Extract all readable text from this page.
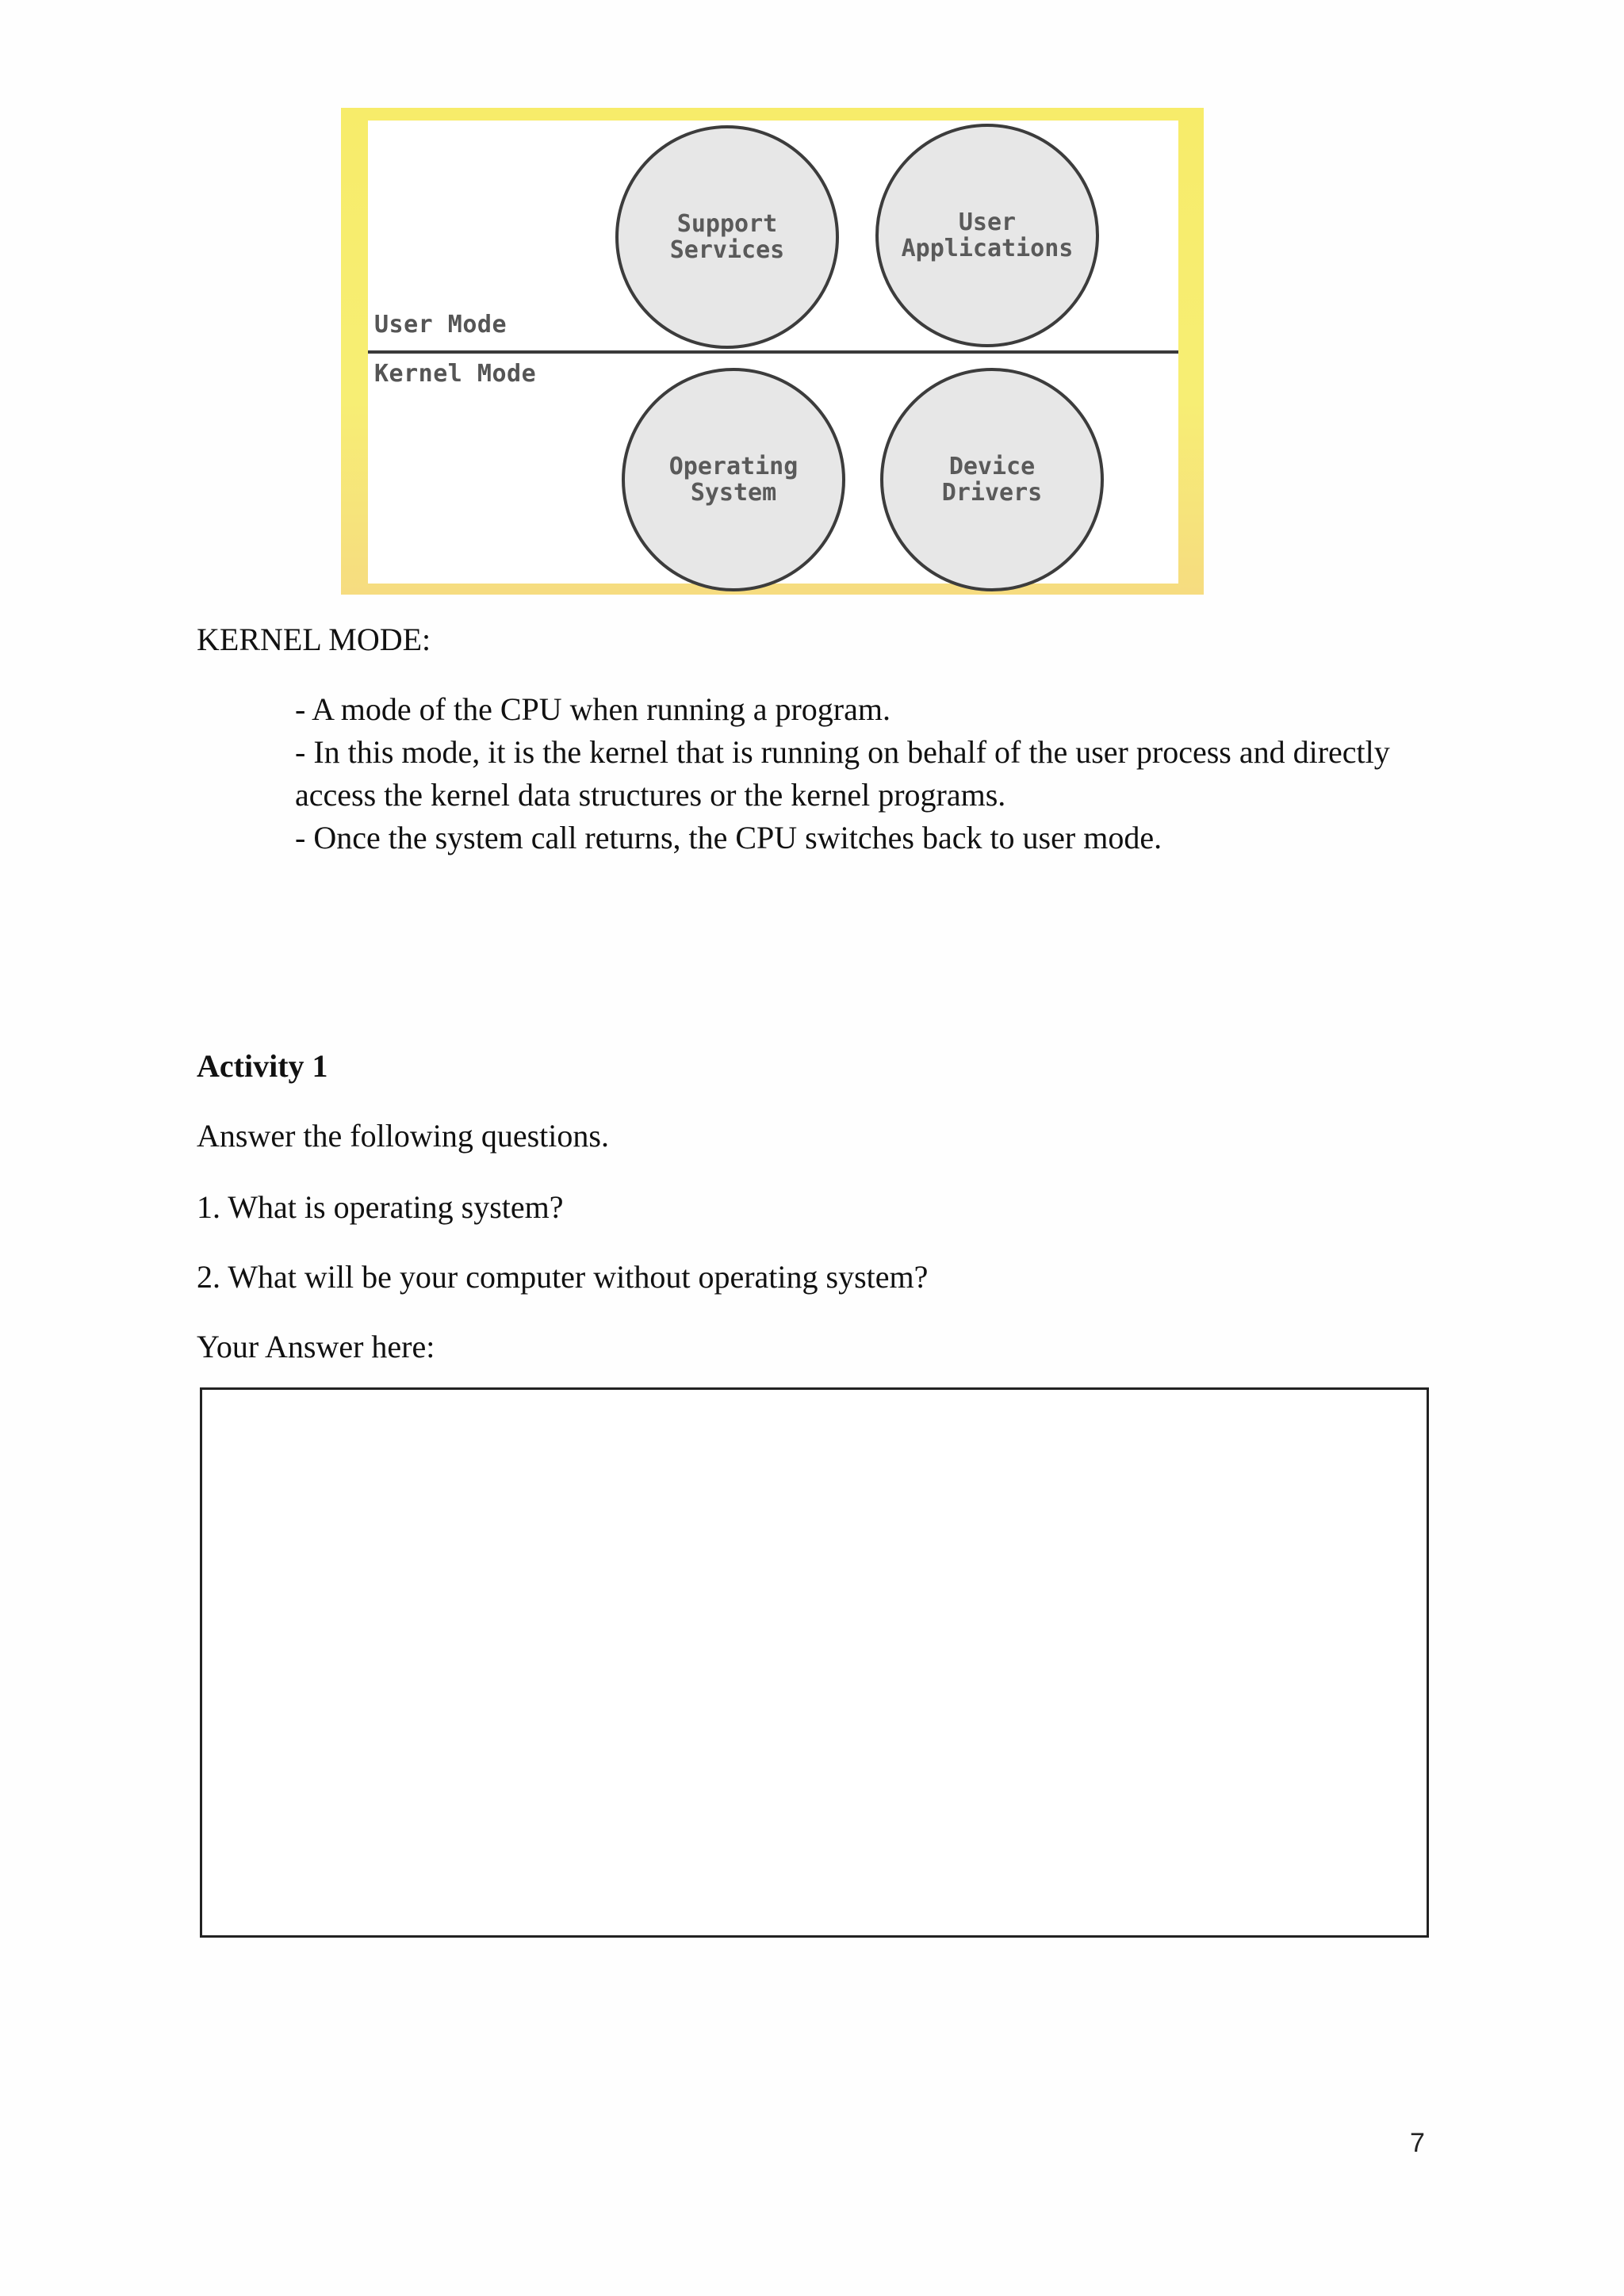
Support
Services
User
Applications
User Mode
Kernel Mode
Operating
System
Device
Drivers
KERNEL MODE:
- A mode of the CPU when running a program.
- In this mode, it is the kernel that is running on behalf of the user process and directly
access the kernel data structures or the kernel programs.
- Once the system call returns, the CPU switches back to user mode.
Activity 1
Answer the following questions.
1. What is operating system?
2. What will be your computer without operating system?
Your Answer here:
7
